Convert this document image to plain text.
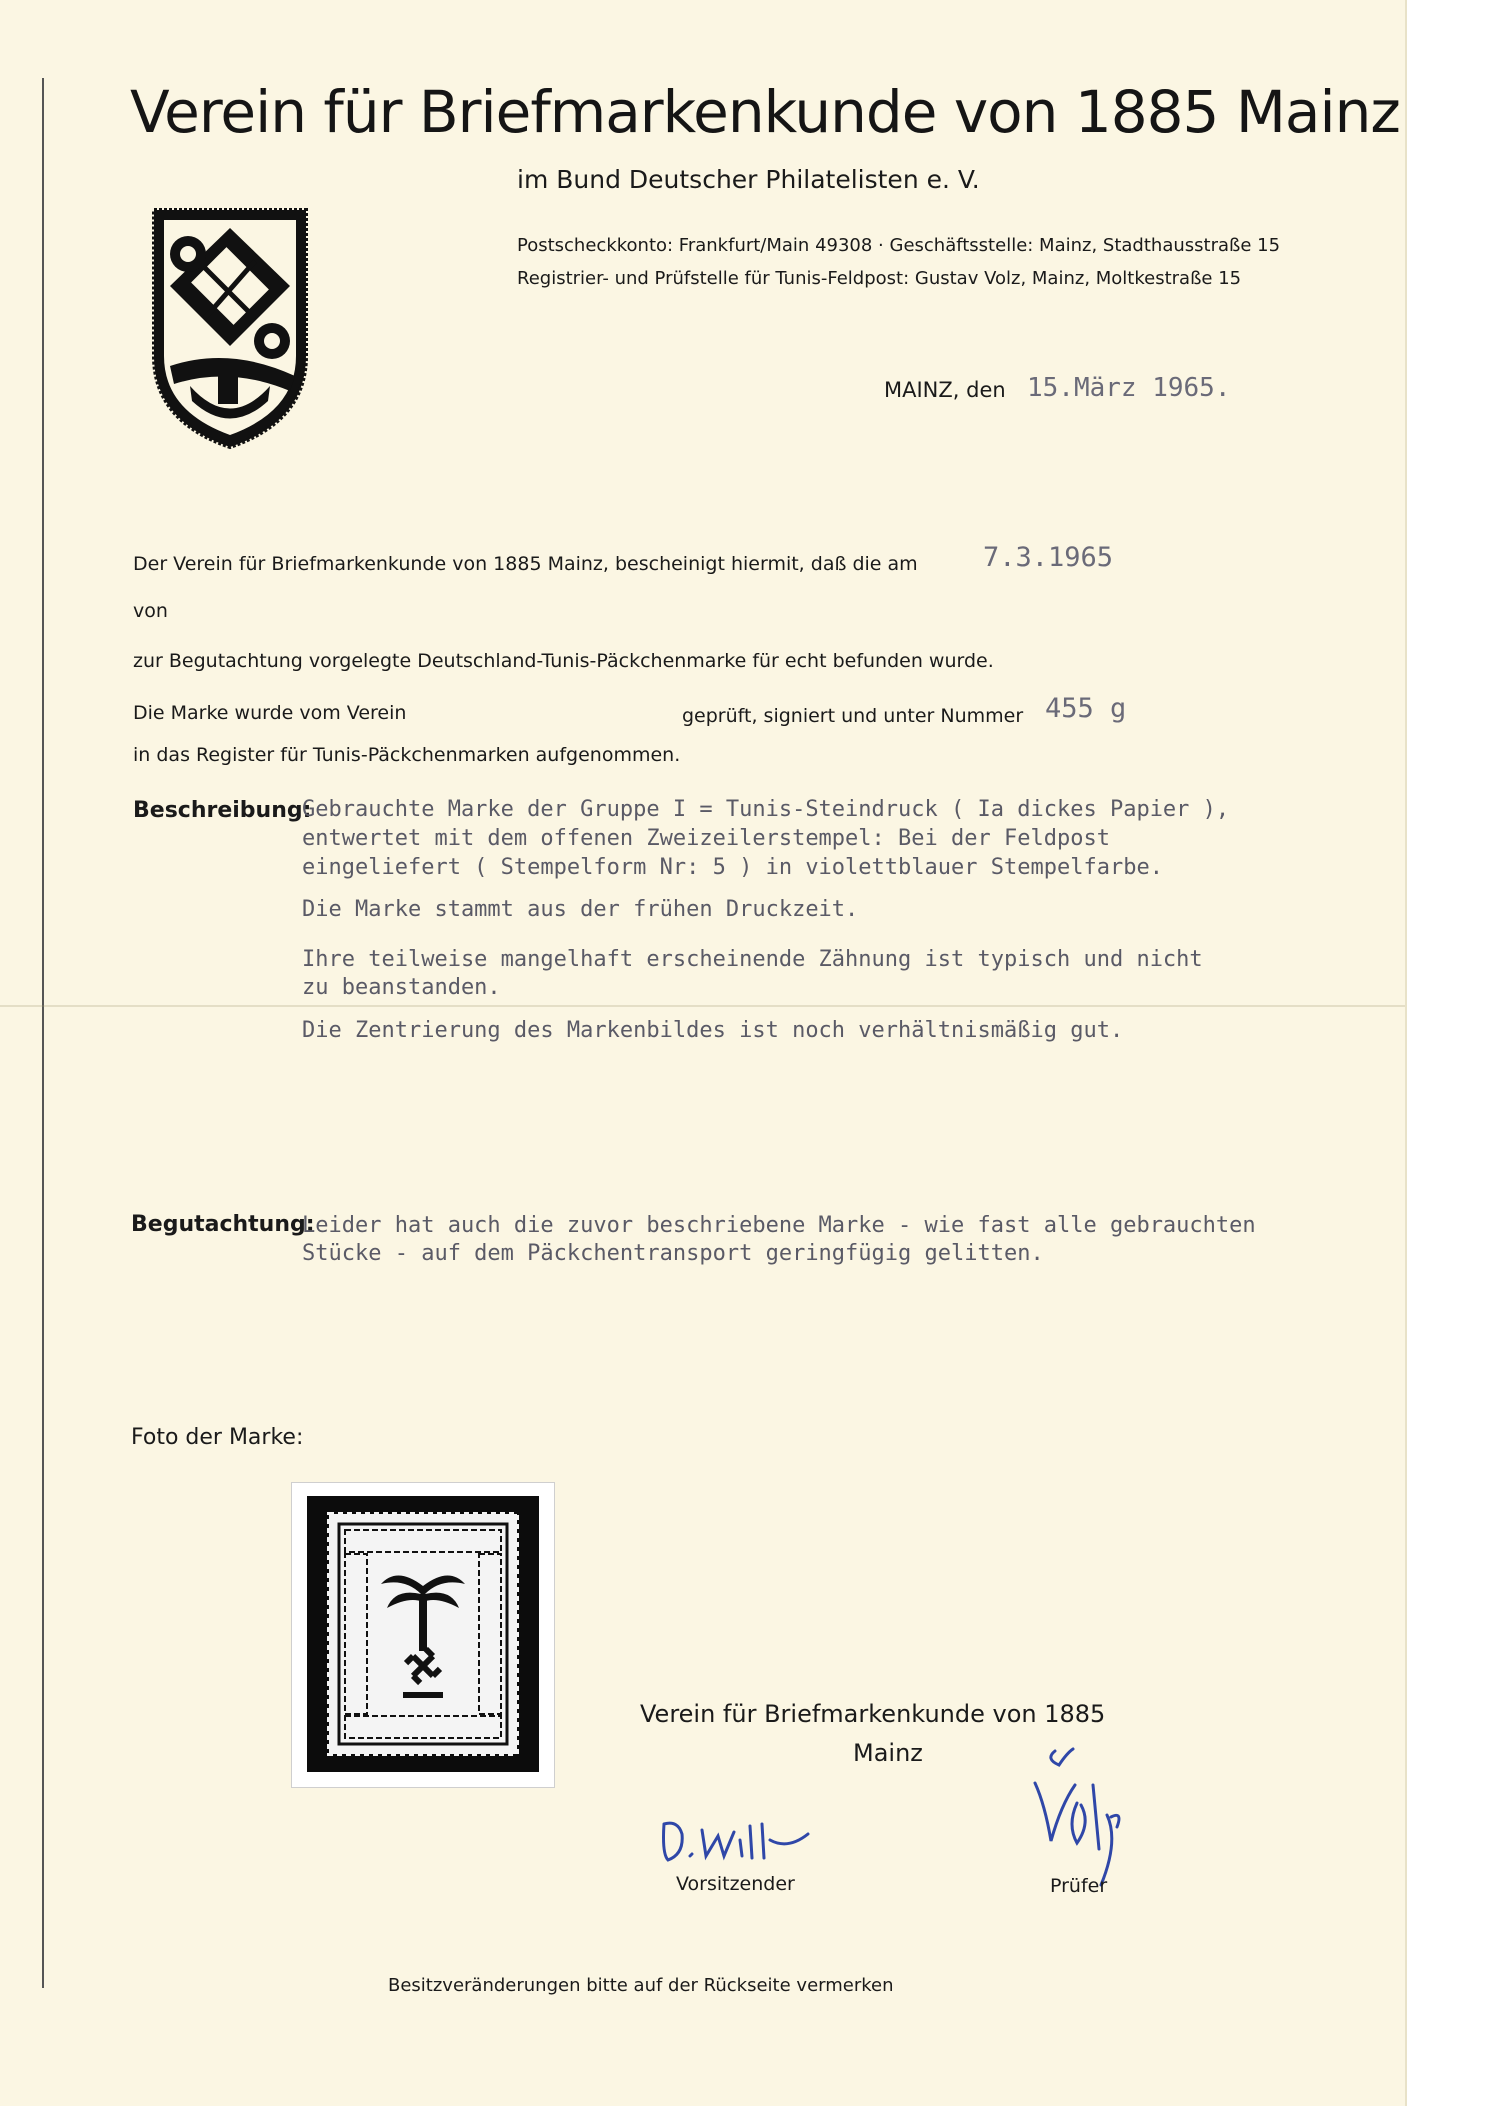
Verein für Briefmarkenkunde von 1885 Mainz
im Bund Deutscher Philatelisten e. V.
Postscheckkonto: Frankfurt/Main 49308 · Geschäftsstelle: Mainz, Stadthausstraße 15
Registrier- und Prüfstelle für Tunis-Feldpost: Gustav Volz, Mainz, Moltkestraße 15
MAINZ, den 15.März 1965.
Der Verein für Briefmarkenkunde von 1885 Mainz, bescheinigt hiermit, daß die am 7.3.1965
von
zur Begutachtung vorgelegte Deutschland-Tunis-Päckchenmarke für echt befunden wurde.
Die Marke wurde vom Verein	geprüft, signiert und unter Nummer 455 g
in das Register für Tunis-Päckchenmarken aufgenommen.
Beschreibung:
Gebrauchte Marke der Gruppe I = Tunis-Steindruck ( Ia dickes Papier ),
entwertet mit dem offenen Zweizeilerstempel: Bei der Feldpost
eingeliefert ( Stempelform Nr: 5 ) in violettblauer Stempelfarbe.
Die Marke stammt aus der frühen Druckzeit.
Ihre teilweise mangelhaft erscheinende Zähnung ist typisch und nicht
zu beanstanden.
Die Zentrierung des Markenbildes ist noch verhältnismäßig gut.
Begutachtung:
Leider hat auch die zuvor beschriebene Marke - wie fast alle gebrauchten
Stücke - auf dem Päckchentransport geringfügig gelitten.
Foto der Marke:
Verein für Briefmarkenkunde von 1885
Mainz
Vorsitzender	Prüfer
Besitzveränderungen bitte auf der Rückseite vermerken
